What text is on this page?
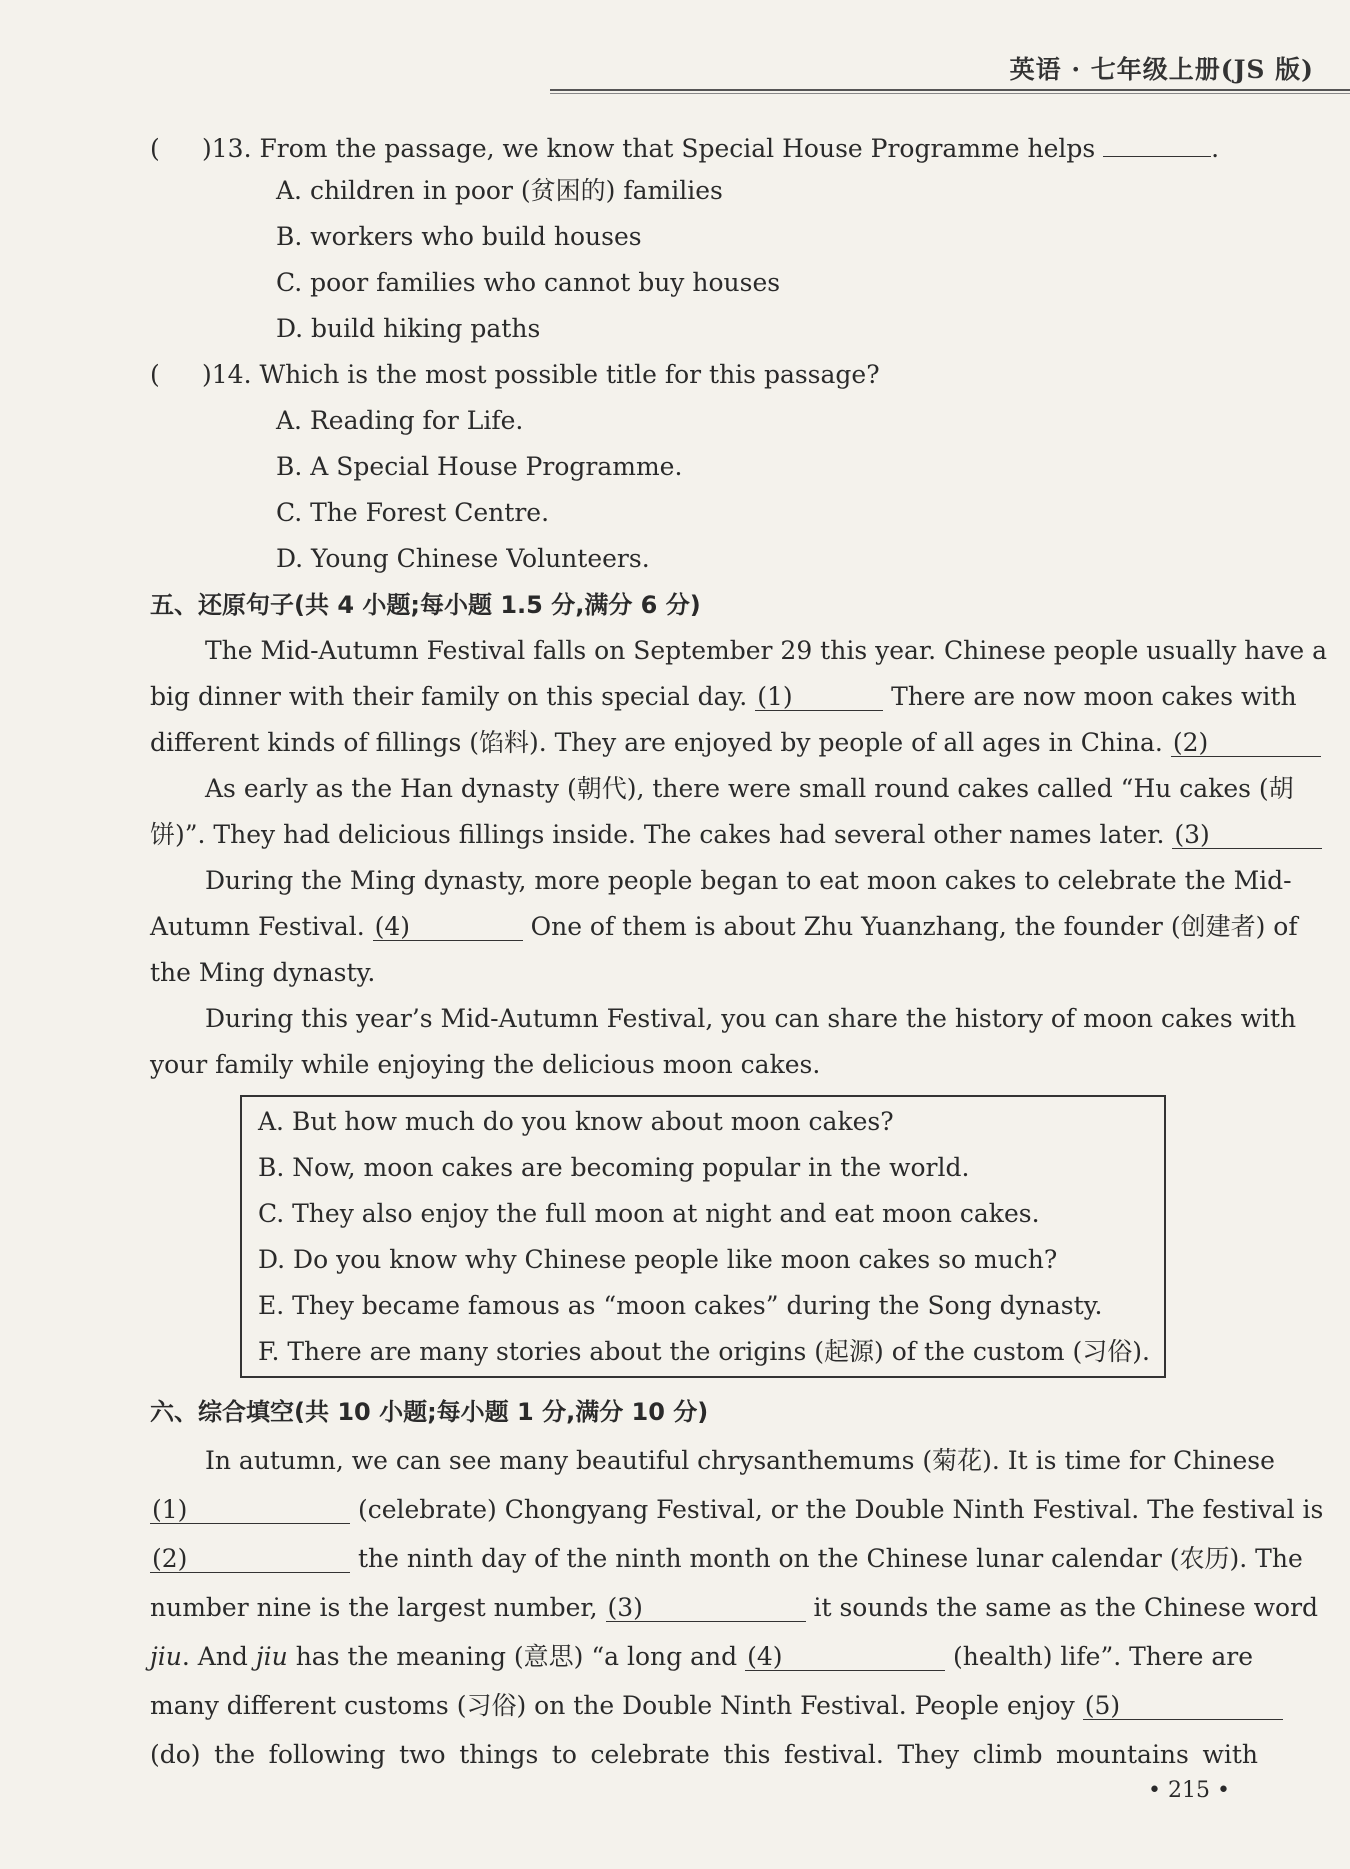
英语 · 七年级上册(JS 版)
( )13. From the passage, we know that Special House Programme helps	.
A. children in poor (贫困的) families
B. workers who build houses
C. poor families who cannot buy houses
D. build hiking paths
( )14. Which is the most possible title for this passage?
A. Reading for Life.
B. A Special House Programme.
C. The Forest Centre.
D. Young Chinese Volunteers.
五、还原句子(共 4 小题;每小题 1.5 分,满分 6 分)
The Mid-Autumn Festival falls on September 29 this year. Chinese people usually have a
big dinner with their family on this special day. (1)	There are now moon cakes with
different kinds of fillings (馅料). They are enjoyed by people of all ages in China. (2)
As early as the Han dynasty (朝代), there were small round cakes called “Hu cakes (胡
饼)”. They had delicious fillings inside. The cakes had several other names later. (3)
During the Ming dynasty, more people began to eat moon cakes to celebrate the Mid-
Autumn Festival. (4)	One of them is about Zhu Yuanzhang, the founder (创建者) of
the Ming dynasty.
During this year’s Mid-Autumn Festival, you can share the history of moon cakes with
your family while enjoying the delicious moon cakes.
A. But how much do you know about moon cakes?
B. Now, moon cakes are becoming popular in the world.
C. They also enjoy the full moon at night and eat moon cakes.
D. Do you know why Chinese people like moon cakes so much?
E. They became famous as “moon cakes” during the Song dynasty.
F. There are many stories about the origins (起源) of the custom (习俗).
六、综合填空(共 10 小题;每小题 1 分,满分 10 分)
In autumn, we can see many beautiful chrysanthemums (菊花). It is time for Chinese
(1)	(celebrate) Chongyang Festival, or the Double Ninth Festival. The festival is
(2)	the ninth day of the ninth month on the Chinese lunar calendar (农历). The
number nine is the largest number, (3)	it sounds the same as the Chinese word
jiu. And jiu has the meaning (意思) “a long and (4)	(health) life”. There are
many different customs (习俗) on the Double Ninth Festival. People enjoy (5)
(do) the following two things to celebrate this festival. They climb mountains with
• 215 •
